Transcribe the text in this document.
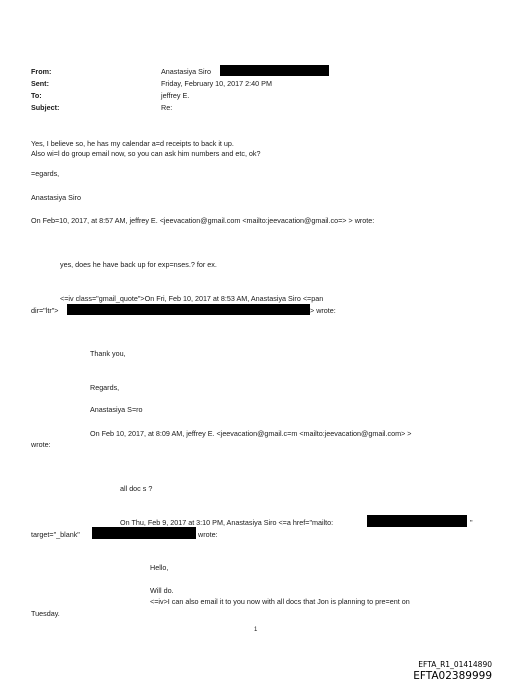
From:	Anastasiya Siro
Sent:	Friday, February 10, 2017 2:40 PM
To:	jeffrey E.
Subject:	Re:
Yes, I believe so, he has my calendar a=d receipts to back it up.
Also wi=l do group email now, so you can ask him numbers and etc, ok?
=egards,
Anastasiya Siro
On Feb=10, 2017, at 8:57 AM, jeffrey E. <jeevacation@gmail.com <mailto:jeevacation@gmail.co=> > wrote:
yes, does he have back up for exp=nses.? for ex.
<=iv class="gmail_quote">On Fri, Feb 10, 2017 at 8:53 AM, Anastasiya Siro <=pan
dir="ltr">	> wrote:
Thank you,
Regards,
Anastasiya S=ro
On Feb 10, 2017, at 8:09 AM, jeffrey E. <jeevacation@gmail.c=m <mailto:jeevacation@gmail.com> >
wrote:
all doc s ?
On Thu, Feb 9, 2017 at 3:10 PM, Anastasiya Siro <=a href="mailto:	"
target="_blank"	wrote:
Hello,
Will do.
<=iv>I can also email it to you now with all docs that Jon is planning to pre=ent on
Tuesday.
1
EFTA_R1_01414890
EFTA02389999
